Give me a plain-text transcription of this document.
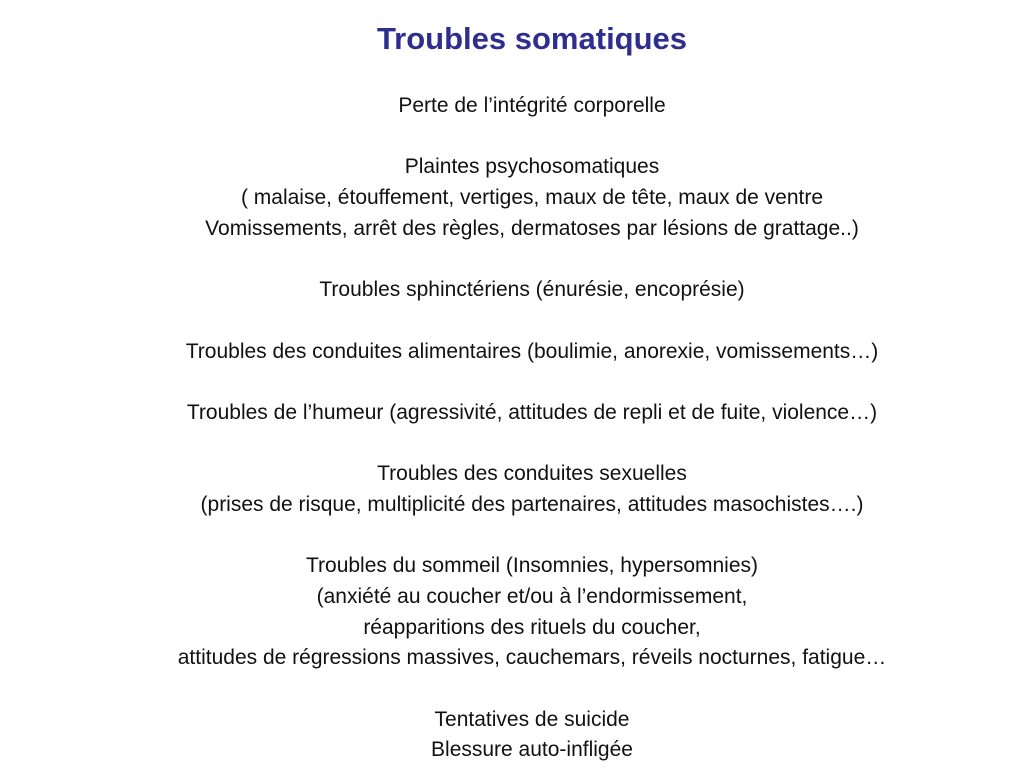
Troubles somatiques
Perte de l’intégrité corporelle
Plaintes psychosomatiques
( malaise, étouffement, vertiges, maux de tête, maux de ventre
Vomissements, arrêt des règles, dermatoses par lésions de grattage..)
Troubles sphinctériens (énurésie, encoprésie)
Troubles des conduites alimentaires (boulimie, anorexie, vomissements…)
Troubles de l’humeur (agressivité, attitudes de repli et de fuite, violence…)
Troubles des conduites sexuelles
(prises de risque, multiplicité des partenaires, attitudes masochistes….)
Troubles du sommeil (Insomnies, hypersomnies)
(anxiété au coucher et/ou à l’endormissement,
réapparitions des rituels du coucher,
attitudes de régressions massives, cauchemars, réveils nocturnes, fatigue…
Tentatives de suicide
Blessure auto-infligée
